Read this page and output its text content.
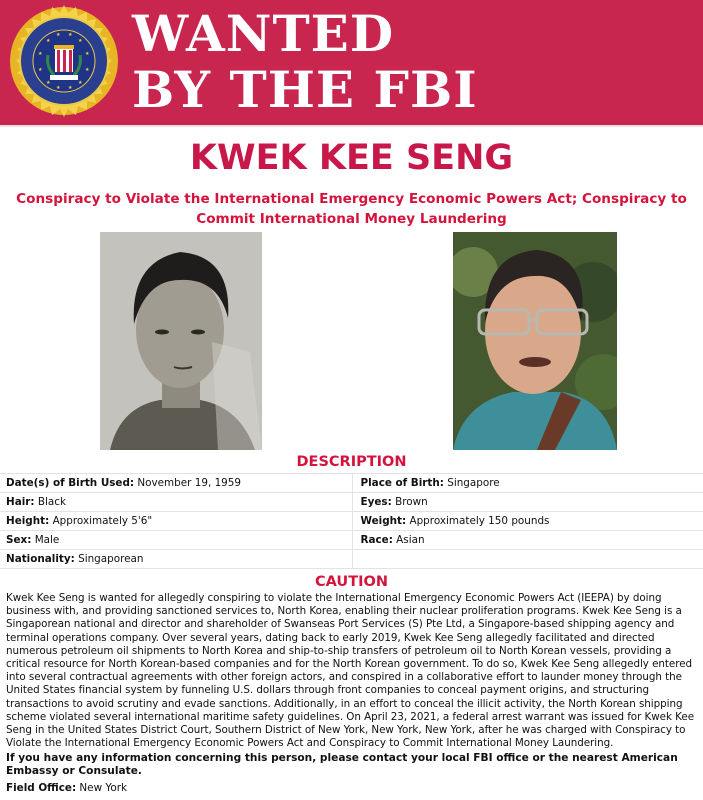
★
★ ★
★
★	★
★	★
★	★
★ ★
WANTED
BY THE FBI
KWEK KEE SENG
Conspiracy to Violate the International Emergency Economic Powers Act; Conspiracy to Commit International Money Laundering
DESCRIPTION
Date(s) of Birth Used: November 19, 1959	Place of Birth: Singapore
Hair: Black	Eyes: Brown
Height: Approximately 5'6"	Weight: Approximately 150 pounds
Sex: Male	Race: Asian
Nationality: Singaporean	
CAUTION
Kwek Kee Seng is wanted for allegedly conspiring to violate the International Emergency Economic Powers Act (IEEPA) by doing business with, and providing sanctioned services to, North Korea, enabling their nuclear proliferation programs. Kwek Kee Seng is a Singaporean national and director and shareholder of Swanseas Port Services (S) Pte Ltd, a Singapore-based shipping agency and terminal operations company. Over several years, dating back to early 2019, Kwek Kee Seng allegedly facilitated and directed numerous petroleum oil shipments to North Korea and ship-to-ship transfers of petroleum oil to North Korean vessels, providing a critical resource for North Korean-based companies and for the North Korean government. To do so, Kwek Kee Seng allegedly entered into several contractual agreements with other foreign actors, and conspired in a collaborative effort to launder money through the United States financial system by funneling U.S. dollars through front companies to conceal payment origins, and structuring transactions to avoid scrutiny and evade sanctions. Additionally, in an effort to conceal the illicit activity, the North Korean shipping scheme violated several international maritime safety guidelines. On April 23, 2021, a federal arrest warrant was issued for Kwek Kee Seng in the United States District Court, Southern District of New York, New York, New York, after he was charged with Conspiracy to Violate the International Emergency Economic Powers Act and Conspiracy to Commit International Money Laundering.
If you have any information concerning this person, please contact your local FBI office or the nearest American Embassy or Consulate.
Field Office: New York
